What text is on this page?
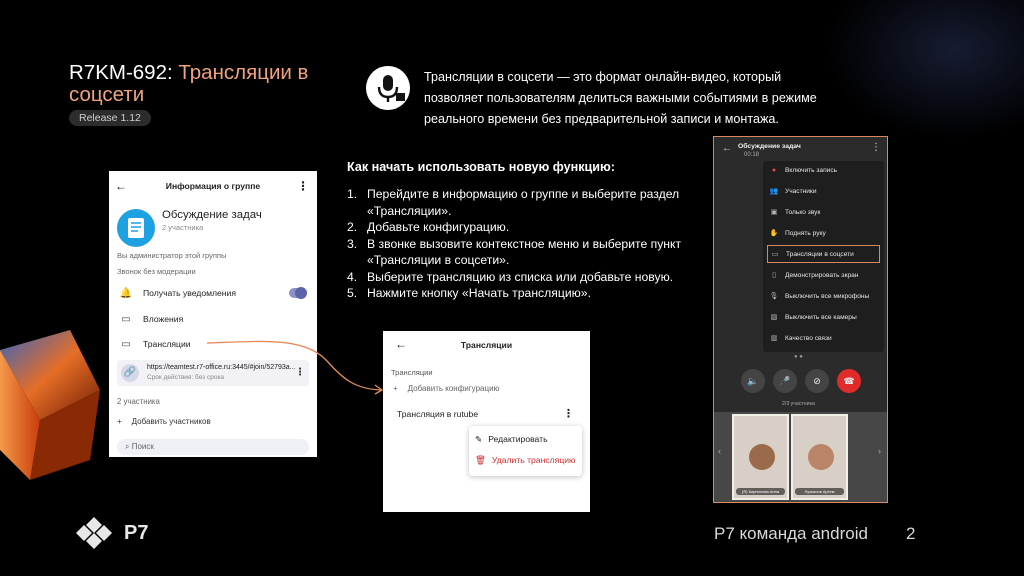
R7KM-692: Трансляции в соцсети
Release 1.12
P7
Трансляции в соцсети — это формат онлайн-видео, который позволяет пользователям делиться важными событиями в режиме реального времени без предварительной записи и монтажа.
Как начать использовать новую функцию:
1. Перейдите в информацию о группе и выберите раздел «Трансляции».
2. Добавьте конфигурацию.
3. В звонке вызовите контекстное меню и выберите пункт «Трансляции в соцсети».
4. Выберите трансляцию из списка или добавьте новую.
5. Нажмите кнопку «Начать трансляцию».
←	Информация о группе	⋮
Обсуждение задач
2 участника
Вы администратор этой группы
Звонок без модерации
🔔 Получать уведомления
▭ Вложения
▭ Трансляции
🔗	https://teamtest.r7-office.ru:3445/#join/52793a...
Срок действия: без срока	⋮
2 участника
+ Добавить участников
⌕ Поиск
←	Трансляции
Трансляции
+ Добавить конфигурацию
Трансляция в rutube	⋮
✎ Редактировать
🗑 Удалить трансляцию
← Обсуждение задач
00:18
⋮
●	Включить запись
👥 Участники
▣ Только звук
✋ Поднять руку
▭ Трансляции в соцсети
▯	Демонстрировать экран
🎙 Выключить все микрофоны
▨ Выключить все камеры
▥ Качество связи
● ●
🔈	🎤	⊘	☎
2/3 участника
‹
(Я) Кирпилова Анна	Лукьянов Артем
›
Р7 команда android 2
